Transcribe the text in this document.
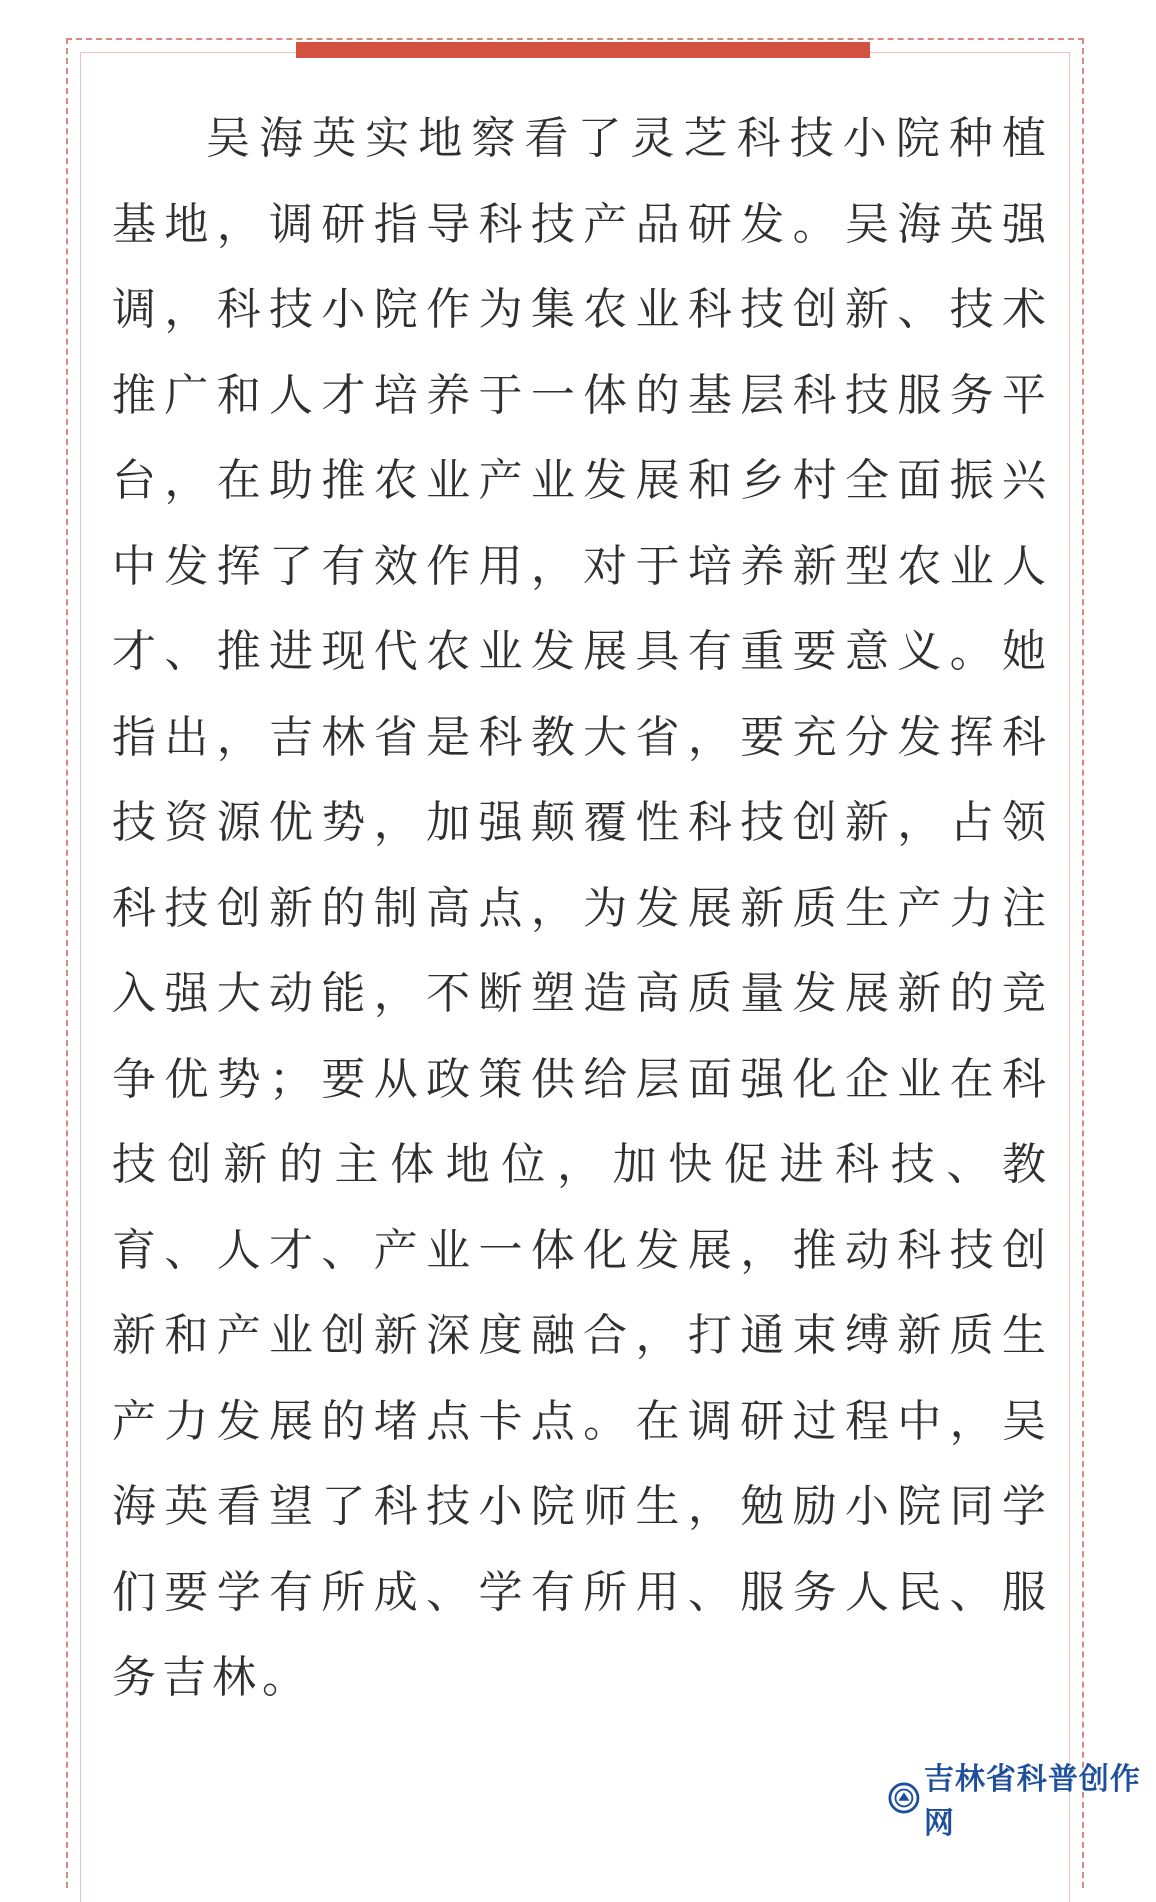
吴海英实地察看了灵芝科技小院种植基地，调研指导科技产品研发。吴海英强调，科技小院作为集农业科技创新、技术推广和人才培养于一体的基层科技服务平台，在助推农业产业发展和乡村全面振兴中发挥了有效作用，对于培养新型农业人才、推进现代农业发展具有重要意义。她指出，吉林省是科教大省，要充分发挥科技资源优势，加强颠覆性科技创新，占领科技创新的制高点，为发展新质生产力注入强大动能，不断塑造高质量发展新的竞争优势；要从政策供给层面强化企业在科技创新的主体地位，加快促进科技、教育、人才、产业一体化发展，推动科技创新和产业创新深度融合，打通束缚新质生产力发展的堵点卡点。在调研过程中，吴海英看望了科技小院师生，勉励小院同学们要学有所成、学有所用、服务人民、服务吉林。

吉林省科普创作网
